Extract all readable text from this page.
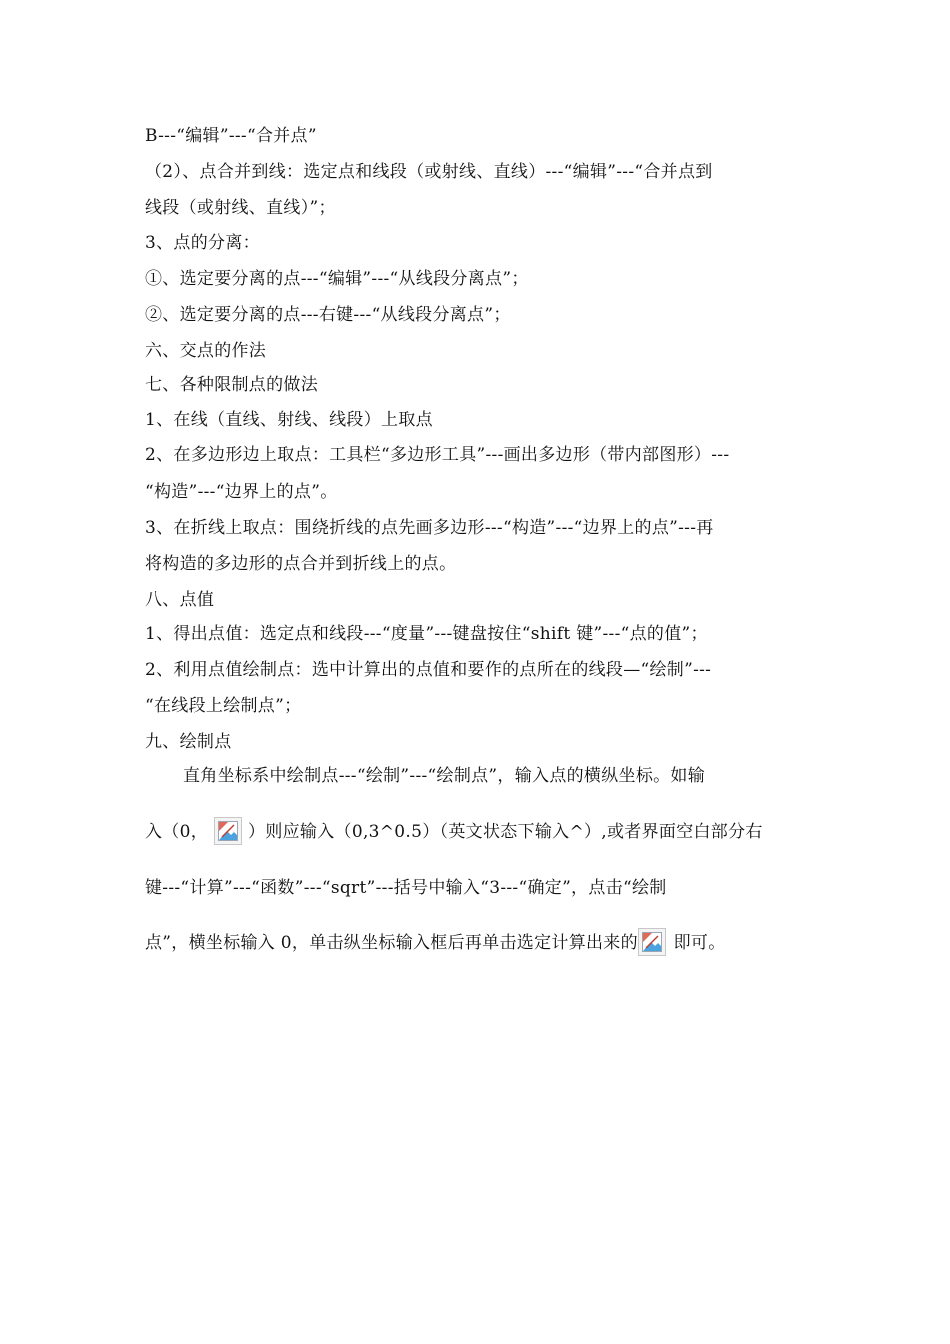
B---“编辑”---“合并点”
（2）、点合并到线：选定点和线段（或射线、直线）---“编辑”---“合并点到
线段（或射线、直线）”；
3、点的分离：
①、选定要分离的点---“编辑”---“从线段分离点”；
②、选定要分离的点---右键---“从线段分离点”；
六、交点的作法
七、各种限制点的做法
1、在线（直线、射线、线段）上取点
2、在多边形边上取点：工具栏“多边形工具”---画出多边形（带内部图形）---
“构造”---“边界上的点”。
3、在折线上取点：围绕折线的点先画多边形---“构造”---“边界上的点”---再
将构造的多边形的点合并到折线上的点。
八、点值
1、得出点值：选定点和线段---“度量”---键盘按住“shift 键”---“点的值”；
2、利用点值绘制点：选中计算出的点值和要作的点所在的线段—“绘制”---
“在线段上绘制点”；
九、绘制点
直角坐标系中绘制点---“绘制”---“绘制点”，输入点的横纵坐标。如输
入（0， ）则应输入（0,3^0.5）（英文状态下输入^）,或者界面空白部分右
键---“计算”---“函数”---“sqrt”---括号中输入“3---“确定”，点击“绘制
点”，横坐标输入 0，单击纵坐标输入框后再单击选定计算出来的
即可。
